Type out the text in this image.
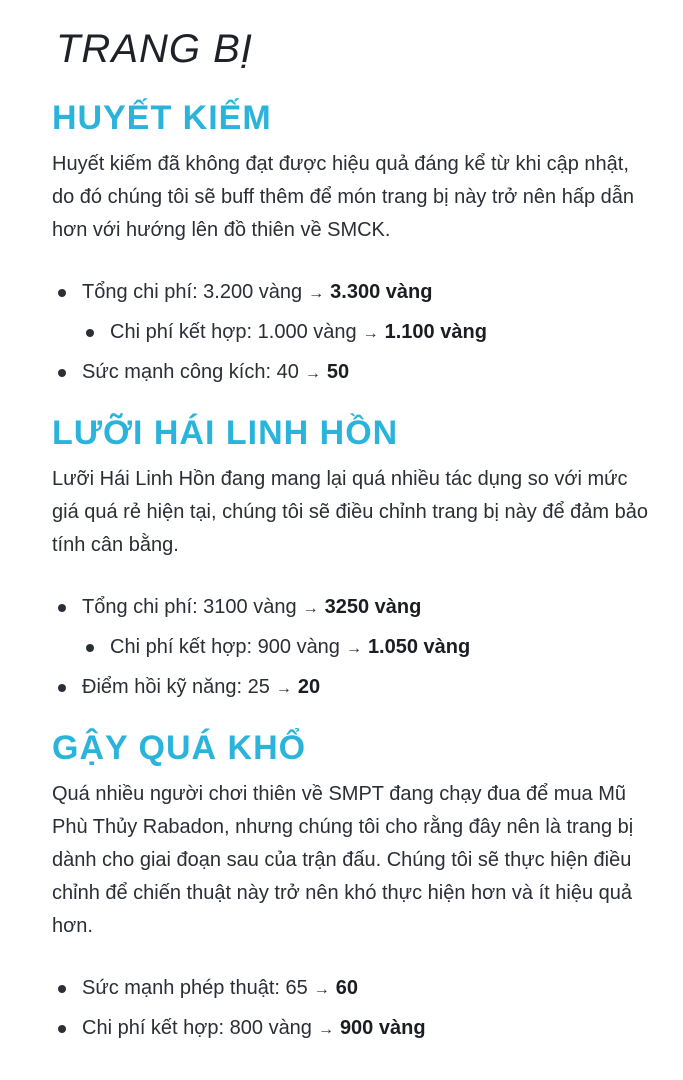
TRANG BỊ
HUYẾT KIẾM

Huyết kiếm đã không đạt được hiệu quả đáng kể từ khi cập nhật, do đó chúng tôi sẽ buff thêm để món trang bị này trở nên hấp dẫn hơn với hướng lên đồ thiên về SMCK.

Tổng chi phí: 3.200 vàng → 3.300 vàng
Chi phí kết hợp: 1.000 vàng → 1.100 vàng
Sức mạnh công kích: 40 → 50
LƯỠI HÁI LINH HỒN

Lưỡi Hái Linh Hồn đang mang lại quá nhiều tác dụng so với mức giá quá rẻ hiện tại, chúng tôi sẽ điều chỉnh trang bị này để đảm bảo tính cân bằng.

Tổng chi phí: 3100 vàng → 3250 vàng
Chi phí kết hợp: 900 vàng → 1.050 vàng
Điểm hồi kỹ năng: 25 → 20
GẬY QUÁ KHỔ

Quá nhiều người chơi thiên về SMPT đang chạy đua để mua Mũ Phù Thủy Rabadon, nhưng chúng tôi cho rằng đây nên là trang bị dành cho giai đoạn sau của trận đấu. Chúng tôi sẽ thực hiện điều chỉnh để chiến thuật này trở nên khó thực hiện hơn và ít hiệu quả hơn.

Sức mạnh phép thuật: 65 → 60
Chi phí kết hợp: 800 vàng → 900 vàng
